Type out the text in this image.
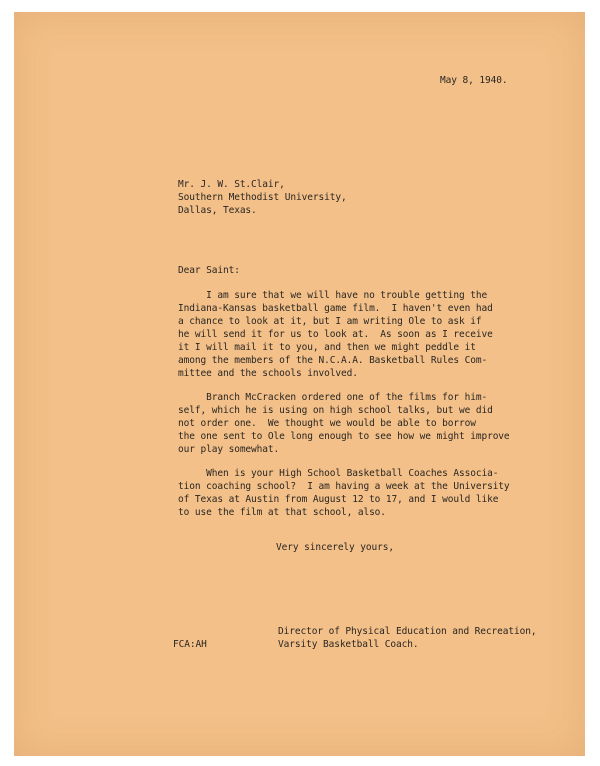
May 8, 1940.
Mr. J. W. St.Clair,
Southern Methodist University,
Dallas, Texas.
Dear Saint:
I am sure that we will have no trouble getting the
Indiana-Kansas basketball game film.  I haven't even had
a chance to look at it, but I am writing Ole to ask if
he will send it for us to look at.  As soon as I receive
it I will mail it to you, and then we might peddle it
among the members of the N.C.A.A. Basketball Rules Com-
mittee and the schools involved.
Branch McCracken ordered one of the films for him-
self, which he is using on high school talks, but we did
not order one.  We thought we would be able to borrow
the one sent to Ole long enough to see how we might improve
our play somewhat.
When is your High School Basketball Coaches Associa-
tion coaching school?  I am having a week at the University
of Texas at Austin from August 12 to 17, and I would like
to use the film at that school, also.
Very sincerely yours,
Director of Physical Education and Recreation,
Varsity Basketball Coach.
FCA:AH
